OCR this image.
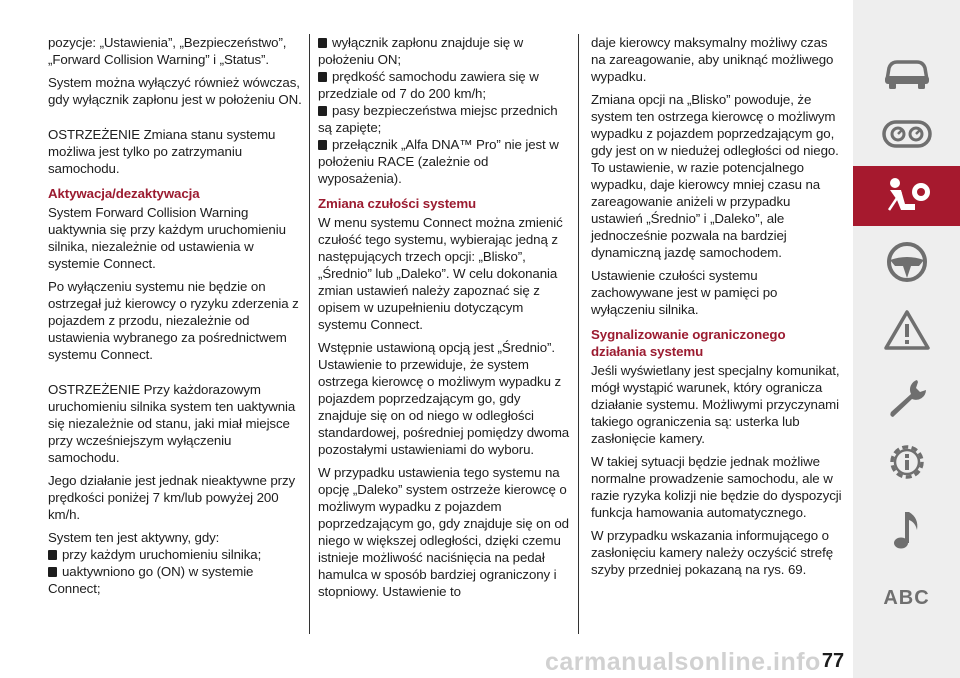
pozycje: „Ustawienia”, „Bezpieczeństwo”, „Forward Collision Warning” i „Status”.

System można wyłączyć również wówczas, gdy wyłącznik zapłonu jest w położeniu ON.

OSTRZEŻENIE Zmiana stanu systemu możliwa jest tylko po zatrzymaniu samochodu.

Aktywacja/dezaktywacja

System Forward Collision Warning uaktywnia się przy każdym uruchomieniu silnika, niezależnie od ustawienia w systemie Connect.

Po wyłączeniu systemu nie będzie on ostrzegał już kierowcy o ryzyku zderzenia z pojazdem z przodu, niezależnie od ustawienia wybranego za pośrednictwem systemu Connect.

OSTRZEŻENIE Przy każdorazowym uruchomieniu silnika system ten uaktywnia się niezależnie od stanu, jaki miał miejsce przy wcześniejszym wyłączeniu samochodu.

Jego działanie jest jednak nieaktywne przy prędkości poniżej 7 km/lub powyżej 200 km/h.

System ten jest aktywny, gdy:

przy każdym uruchomieniu silnika;
uaktywniono go (ON) w systemie Connect;
wyłącznik zapłonu znajduje się w położeniu ON;
prędkość samochodu zawiera się w przedziale od 7 do 200 km/h;
pasy bezpieczeństwa miejsc przednich są zapięte;
przełącznik „Alfa DNA™ Pro” nie jest w położeniu RACE (zależnie od wyposażenia).
Zmiana czułości systemu

W menu systemu Connect można zmienić czułość tego systemu, wybierając jedną z następujących trzech opcji: „Blisko”, „Średnio” lub „Daleko”. W celu dokonania zmian ustawień należy zapoznać się z opisem w uzupełnieniu dotyczącym systemu Connect.

Wstępnie ustawioną opcją jest „Średnio”. Ustawienie to przewiduje, że system ostrzega kierowcę o możliwym wypadku z pojazdem poprzedzającym go, gdy znajduje się on od niego w odległości standardowej, pośredniej pomiędzy dwoma pozostałymi ustawieniami do wyboru.

W przypadku ustawienia tego systemu na opcję „Daleko” system ostrzeże kierowcę o możliwym wypadku z pojazdem poprzedzającym go, gdy znajduje się on od niego w większej odległości, dzięki czemu istnieje możliwość naciśnięcia na pedał hamulca w sposób bardziej ograniczony i stopniowy. Ustawienie to

daje kierowcy maksymalny możliwy czas na zareagowanie, aby uniknąć możliwego wypadku.

Zmiana opcji na „Blisko” powoduje, że system ten ostrzega kierowcę o możliwym wypadku z pojazdem poprzedzającym go, gdy jest on w niedużej odległości od niego. To ustawienie, w razie potencjalnego wypadku, daje kierowcy mniej czasu na zareagowanie aniżeli w przypadku ustawień „Średnio” i „Daleko”, ale jednocześnie pozwala na bardziej dynamiczną jazdę samochodem.

Ustawienie czułości systemu zachowywane jest w pamięci po wyłączeniu silnika.

Sygnalizowanie ograniczonego działania systemu

Jeśli wyświetlany jest specjalny komunikat, mógł wystąpić warunek, który ogranicza działanie systemu. Możliwymi przyczynami takiego ograniczenia są: usterka lub zasłonięcie kamery.

W takiej sytuacji będzie jednak możliwe normalne prowadzenie samochodu, ale w razie ryzyka kolizji nie będzie do dyspozycji funkcja hamowania automatycznego.

W przypadku wskazania informującego o zasłonięciu kamery należy oczyścić strefę szyby przedniej pokazaną na rys. 69.

ABC
77
carmanualsonline.info
